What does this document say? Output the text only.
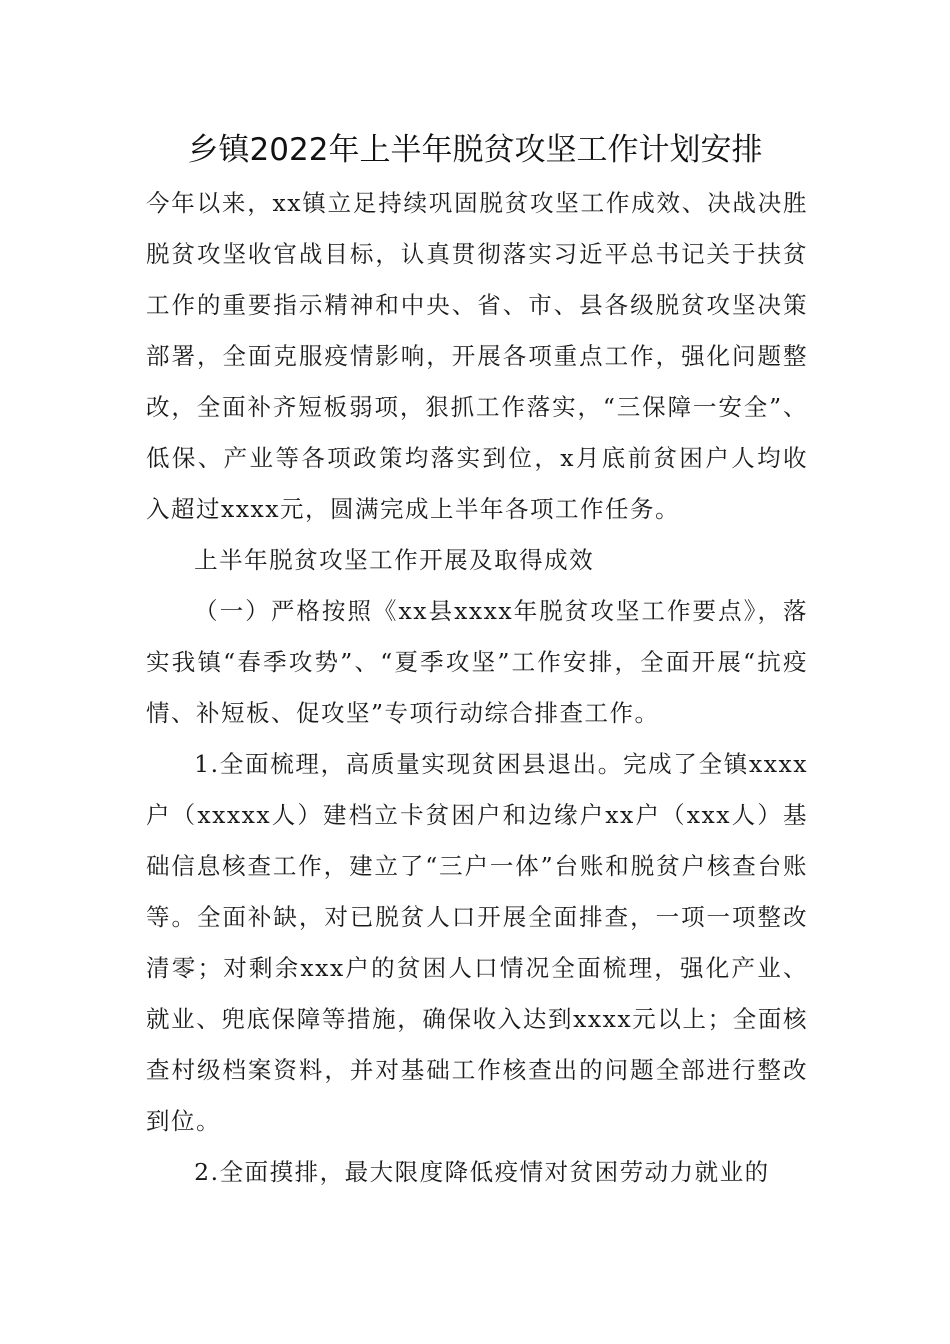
乡镇2022年上半年脱贫攻坚工作计划安排

今年以来，xx镇立足持续巩固脱贫攻坚工作成效、决战决胜脱贫攻坚收官战目标，认真贯彻落实习近平总书记关于扶贫工作的重要指示精神和中央、省、市、县各级脱贫攻坚决策部署，全面克服疫情影响，开展各项重点工作，强化问题整改，全面补齐短板弱项，狠抓工作落实，“三保障一安全”、低保、产业等各项政策均落实到位，x月底前贫困户人均收入超过xxxx元，圆满完成上半年各项工作任务。

上半年脱贫攻坚工作开展及取得成效

（一）严格按照《xx县xxxx年脱贫攻坚工作要点》，落实我镇“春季攻势”、“夏季攻坚”工作安排，全面开展“抗疫情、补短板、促攻坚”专项行动综合排查工作。

1.全面梳理，高质量实现贫困县退出。完成了全镇xxxx户（xxxxx人）建档立卡贫困户和边缘户xx户（xxx人）基础信息核查工作，建立了“三户一体”台账和脱贫户核查台账等。全面补缺，对已脱贫人口开展全面排查，一项一项整改清零；对剩余xxx户的贫困人口情况全面梳理，强化产业、就业、兜底保障等措施，确保收入达到xxxx元以上；全面核查村级档案资料，并对基础工作核查出的问题全部进行整改到位。

2.全面摸排，最大限度降低疫情对贫困劳动力就业的
